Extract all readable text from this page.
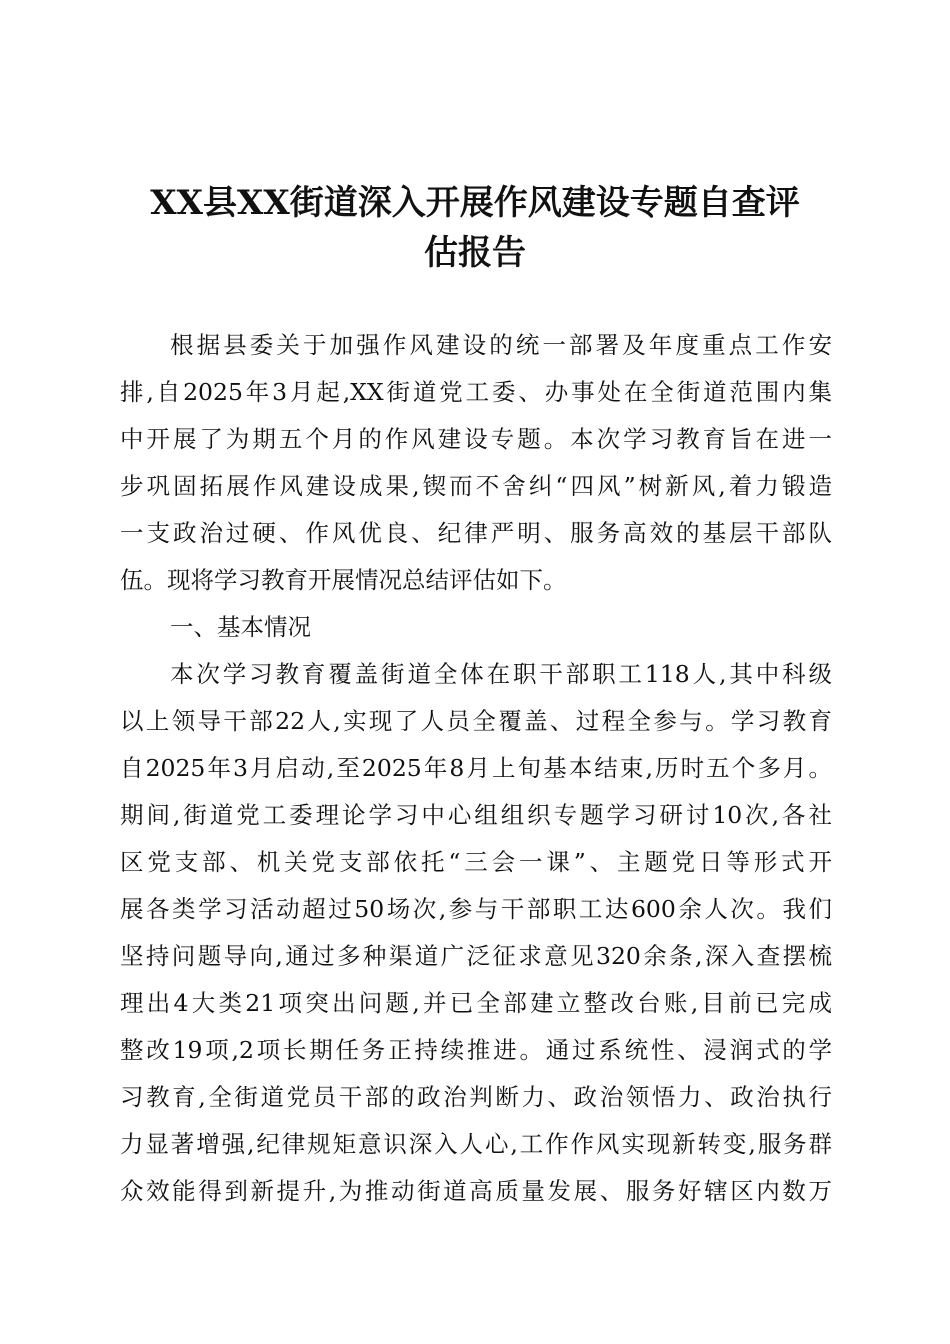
XX县XX街道深入开展作风建设专题自查评
估报告
根据县委关于加强作风建设的统一部署及年度重点工作安
排,自2025年3月起,XX街道党工委、办事处在全街道范围内集
中开展了为期五个月的作风建设专题。本次学习教育旨在进一
步巩固拓展作风建设成果,锲而不舍纠“四风”树新风,着力锻造
一支政治过硬、作风优良、纪律严明、服务高效的基层干部队
伍。现将学习教育开展情况总结评估如下。
一、基本情况
本次学习教育覆盖街道全体在职干部职工118人,其中科级
以上领导干部22人,实现了人员全覆盖、过程全参与。学习教育
自2025年3月启动,至2025年8月上旬基本结束,历时五个多月。
期间,街道党工委理论学习中心组组织专题学习研讨10次,各社
区党支部、机关党支部依托“三会一课”、主题党日等形式开
展各类学习活动超过50场次,参与干部职工达600余人次。我们
坚持问题导向,通过多种渠道广泛征求意见320余条,深入查摆梳
理出4大类21项突出问题,并已全部建立整改台账,目前已完成
整改19项,2项长期任务正持续推进。通过系统性、浸润式的学
习教育,全街道党员干部的政治判断力、政治领悟力、政治执行
力显著增强,纪律规矩意识深入人心,工作作风实现新转变,服务群
众效能得到新提升,为推动街道高质量发展、服务好辖区内数万
